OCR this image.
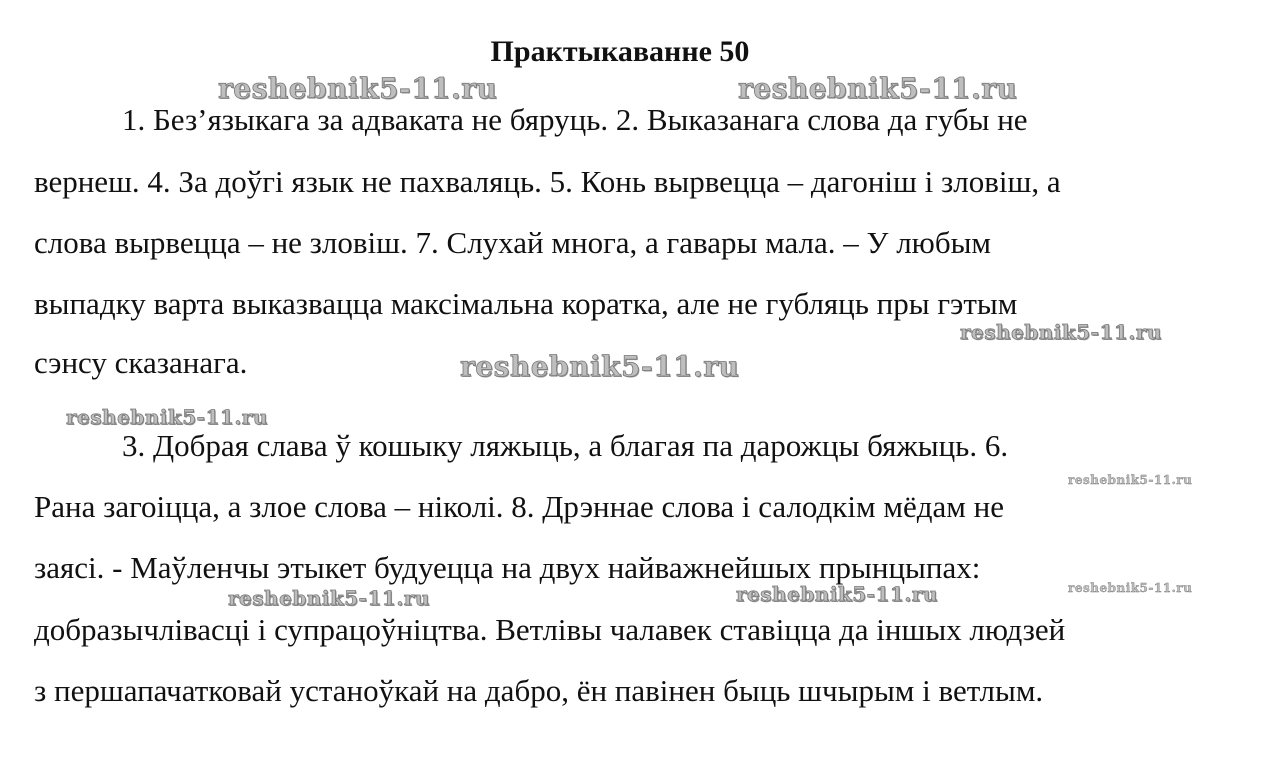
Практыкаванне 50
1. Без’языкага за адваката не бяруць. 2. Выказанага слова да губы не
вернеш. 4. За доўгі язык не пахваляць. 5. Конь вырвецца – дагоніш і зловіш, а
слова вырвецца – не зловіш. 7. Слухай многа, а гавары мала. – У любым
выпадку варта выказвацца максімальна коратка, але не губляць пры гэтым
сэнсу сказанага.
3. Добрая слава ў кошыку ляжыць, а благая па дарожцы бяжыць. 6.
Рана загоіцца, а злое слова – ніколі. 8. Дрэннае слова і салодкім мёдам не
заясі. - Маўленчы этыкет будуецца на двух найважнейшых прынцыпах:
добразычлівасці і супрацоўніцтва. Ветлівы чалавек ставіцца да іншых людзей
з першапачатковай устаноўкай на дабро, ён павінен быць шчырым і ветлым.
reshebnik5-11.ru	reshebnik5-11.ru
reshebnik5-11.ru
reshebnik5-11.ru
reshebnik5-11.ru
reshebnik5-11.ru
reshebnik5-11.ru	reshebnik5-11.ru	reshebnik5-11.ru
